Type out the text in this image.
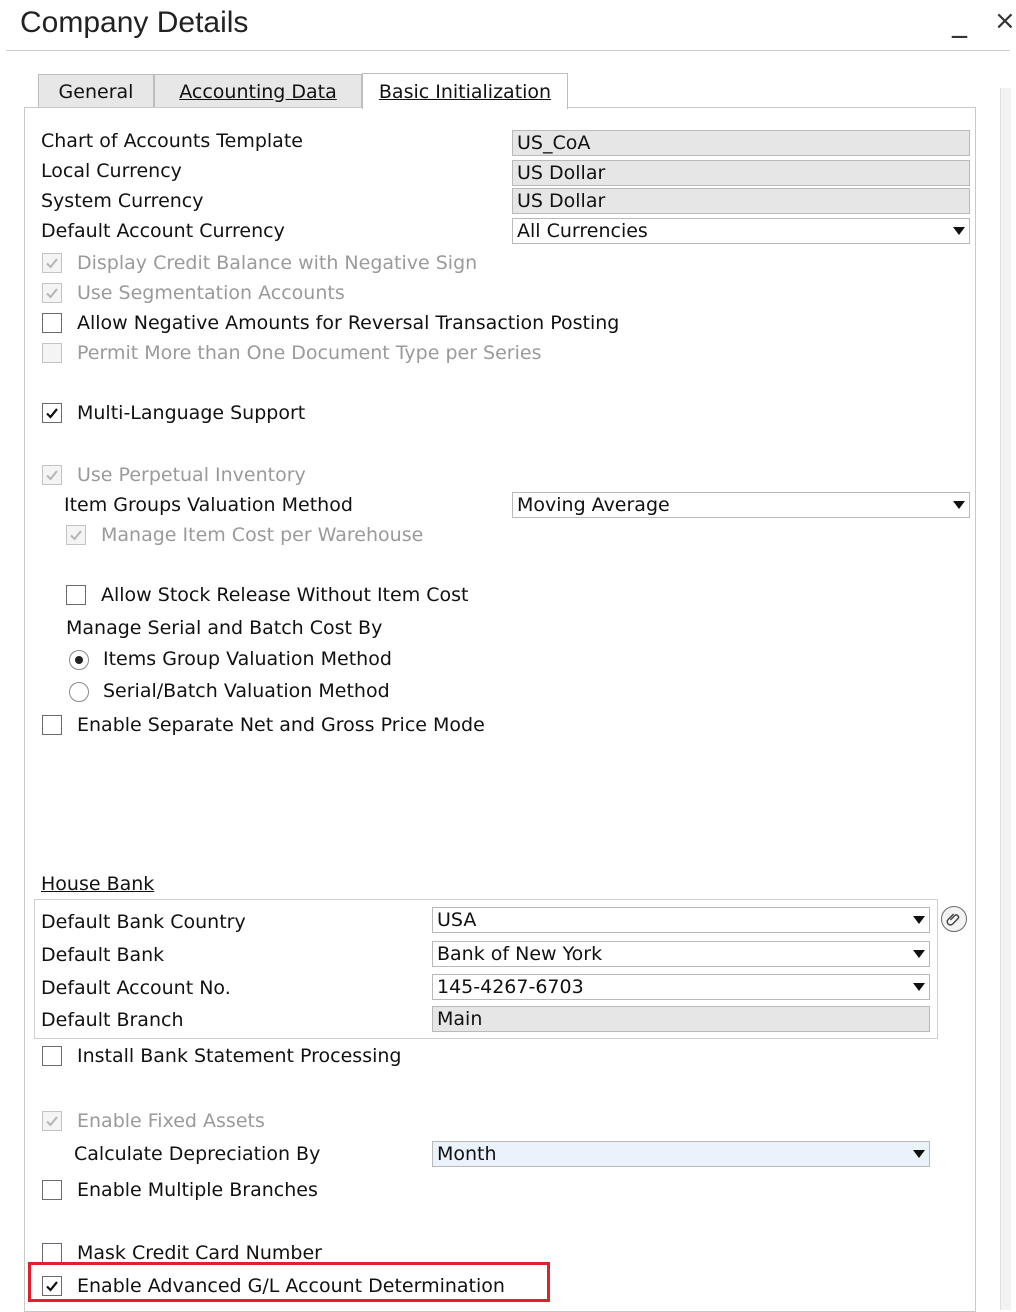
Company Details	_ ×
General Accounting Data Basic Initialization
Chart of Accounts Template	US_CoA
Local Currency	US Dollar
System Currency	US Dollar
Default Account Currency	All Currencies
Display Credit Balance with Negative Sign
Use Segmentation Accounts
Allow Negative Amounts for Reversal Transaction Posting
Permit More than One Document Type per Series
Multi-Language Support
Use Perpetual Inventory
Item Groups Valuation Method	Moving Average
Manage Item Cost per Warehouse
Allow Stock Release Without Item Cost
Manage Serial and Batch Cost By
Items Group Valuation Method
Serial/Batch Valuation Method
Enable Separate Net and Gross Price Mode
House Bank
Default Bank Country	USA
Default Bank	Bank of New York
Default Account No.	145-4267-6703
Default Branch	Main
Install Bank Statement Processing
Enable Fixed Assets
Calculate Depreciation By	Month
Enable Multiple Branches
Mask Credit Card Number
Enable Advanced G/L Account Determination
